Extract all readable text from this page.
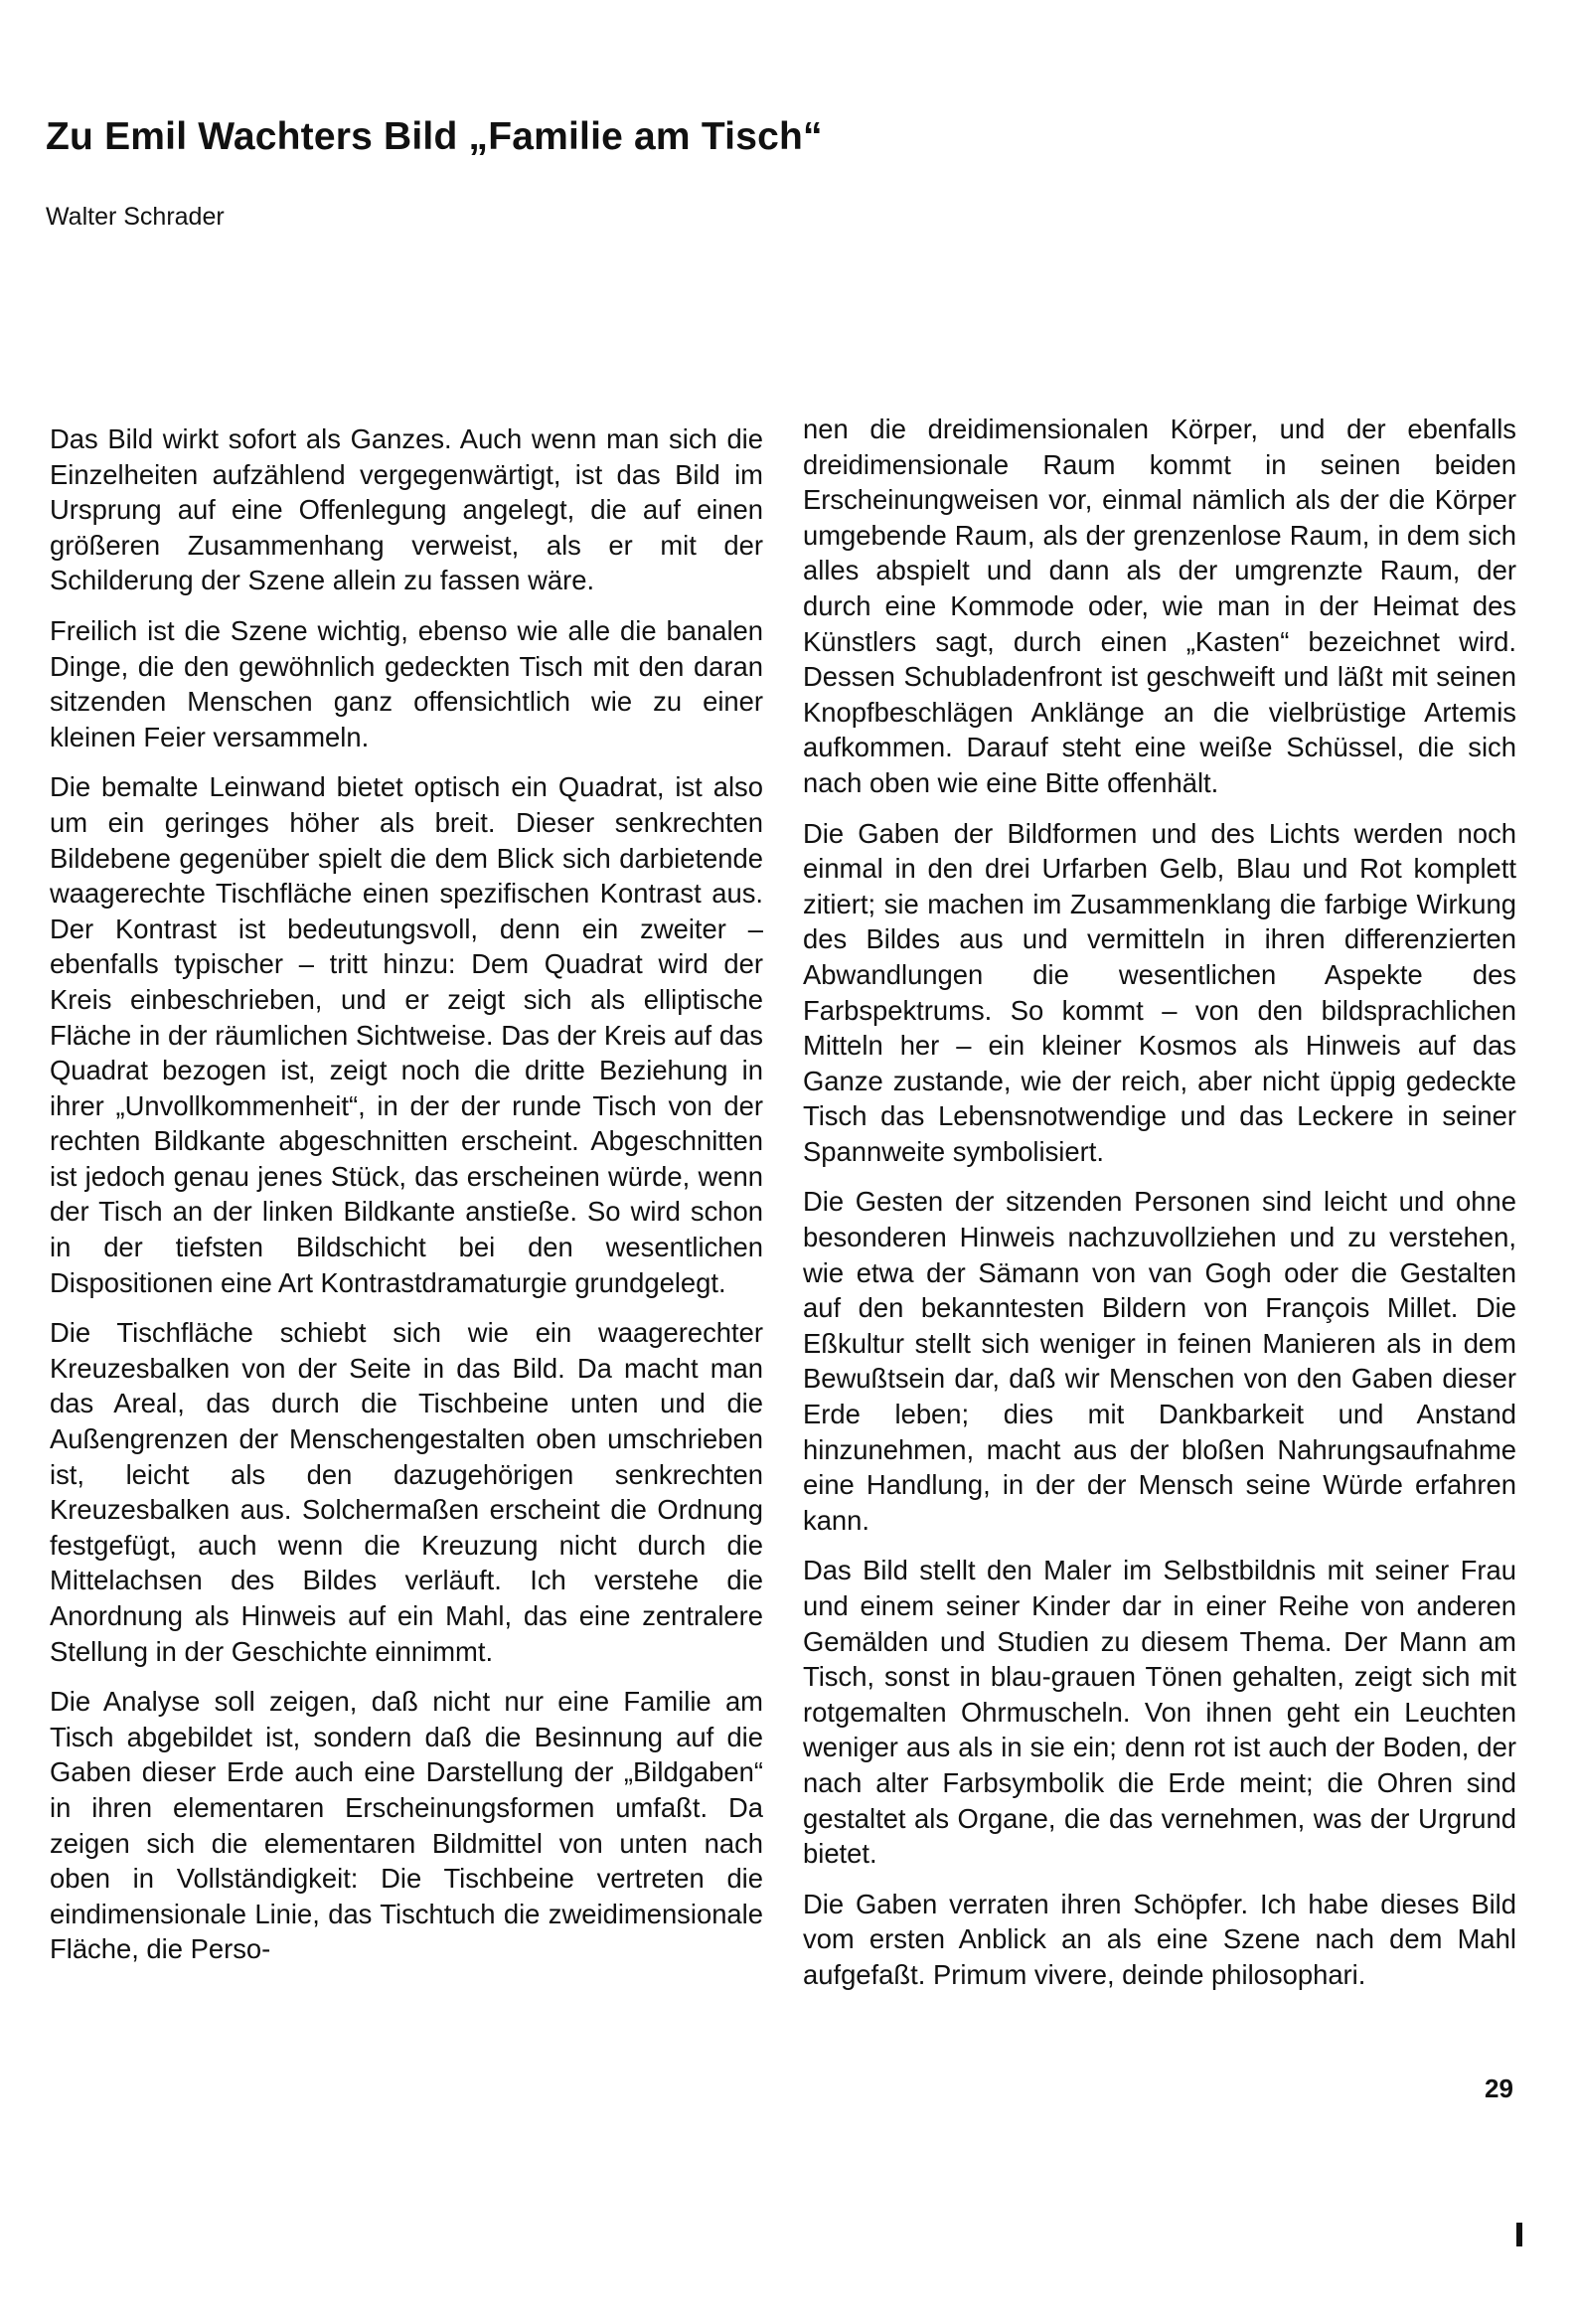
Zu Emil Wachters Bild „Familie am Tisch“

Walter Schrader

Das Bild wirkt sofort als Ganzes. Auch wenn man sich die Einzelheiten aufzählend vergegenwärtigt, ist das Bild im Ursprung auf eine Offenlegung angelegt, die auf einen größeren Zusammenhang verweist, als er mit der Schilderung der Szene allein zu fassen wäre.

Freilich ist die Szene wichtig, ebenso wie alle die banalen Dinge, die den gewöhnlich gedeckten Tisch mit den daran sitzenden Menschen ganz offensichtlich wie zu einer kleinen Feier versammeln.

Die bemalte Leinwand bietet optisch ein Quadrat, ist also um ein geringes höher als breit. Dieser senkrechten Bildebene gegenüber spielt die dem Blick sich darbietende waagerechte Tischfläche einen spezifischen Kontrast aus. Der Kontrast ist bedeutungsvoll, denn ein zweiter – ebenfalls typischer – tritt hinzu: Dem Quadrat wird der Kreis einbeschrieben, und er zeigt sich als elliptische Fläche in der räumlichen Sichtweise. Das der Kreis auf das Quadrat bezogen ist, zeigt noch die dritte Beziehung in ihrer „Unvollkommenheit“, in der der runde Tisch von der rechten Bildkante abgeschnitten erscheint. Abgeschnitten ist jedoch genau jenes Stück, das erscheinen würde, wenn der Tisch an der linken Bildkante anstieße. So wird schon in der tiefsten Bildschicht bei den wesentlichen Dispositionen eine Art Kontrastdramaturgie grundgelegt.

Die Tischfläche schiebt sich wie ein waagerechter Kreuzesbalken von der Seite in das Bild. Da macht man das Areal, das durch die Tischbeine unten und die Außengrenzen der Menschengestalten oben umschrieben ist, leicht als den dazugehörigen senkrechten Kreuzesbalken aus. Solchermaßen erscheint die Ordnung festgefügt, auch wenn die Kreuzung nicht durch die Mittelachsen des Bildes verläuft. Ich verstehe die Anordnung als Hinweis auf ein Mahl, das eine zentralere Stellung in der Geschichte einnimmt.

Die Analyse soll zeigen, daß nicht nur eine Familie am Tisch abgebildet ist, sondern daß die Besinnung auf die Gaben dieser Erde auch eine Darstellung der „Bildgaben“ in ihren elementaren Erscheinungsformen umfaßt. Da zeigen sich die elementaren Bildmittel von unten nach oben in Vollständigkeit: Die Tischbeine vertreten die eindimensionale Linie, das Tischtuch die zweidimensionale Fläche, die Perso-

nen die dreidimensionalen Körper, und der ebenfalls dreidimensionale Raum kommt in seinen beiden Erscheinungweisen vor, einmal nämlich als der die Körper umgebende Raum, als der grenzenlose Raum, in dem sich alles abspielt und dann als der umgrenzte Raum, der durch eine Kommode oder, wie man in der Heimat des Künstlers sagt, durch einen „Kasten“ bezeichnet wird. Dessen Schubladenfront ist geschweift und läßt mit seinen Knopfbeschlägen Anklänge an die vielbrüstige Artemis aufkommen. Darauf steht eine weiße Schüssel, die sich nach oben wie eine Bitte offenhält.

Die Gaben der Bildformen und des Lichts werden noch einmal in den drei Urfarben Gelb, Blau und Rot komplett zitiert; sie machen im Zusammenklang die farbige Wirkung des Bildes aus und vermitteln in ihren differenzierten Abwandlungen die wesentlichen Aspekte des Farbspektrums. So kommt – von den bildsprachlichen Mitteln her – ein kleiner Kosmos als Hinweis auf das Ganze zustande, wie der reich, aber nicht üppig gedeckte Tisch das Lebensnotwendige und das Leckere in seiner Spannweite symbolisiert.

Die Gesten der sitzenden Personen sind leicht und ohne besonderen Hinweis nachzuvollziehen und zu verstehen, wie etwa der Sämann von van Gogh oder die Gestalten auf den bekanntesten Bildern von François Millet. Die Eßkultur stellt sich weniger in feinen Manieren als in dem Bewußtsein dar, daß wir Menschen von den Gaben dieser Erde leben; dies mit Dankbarkeit und Anstand hinzunehmen, macht aus der bloßen Nahrungsaufnahme eine Handlung, in der der Mensch seine Würde erfahren kann.

Das Bild stellt den Maler im Selbstbildnis mit seiner Frau und einem seiner Kinder dar in einer Reihe von anderen Gemälden und Studien zu diesem Thema. Der Mann am Tisch, sonst in blau-grauen Tönen gehalten, zeigt sich mit rotgemalten Ohrmuscheln. Von ihnen geht ein Leuchten weniger aus als in sie ein; denn rot ist auch der Boden, der nach alter Farbsymbolik die Erde meint; die Ohren sind gestaltet als Organe, die das vernehmen, was der Urgrund bietet.

Die Gaben verraten ihren Schöpfer. Ich habe dieses Bild vom ersten Anblick an als eine Szene nach dem Mahl aufgefaßt. Primum vivere, deinde philosophari.

29
